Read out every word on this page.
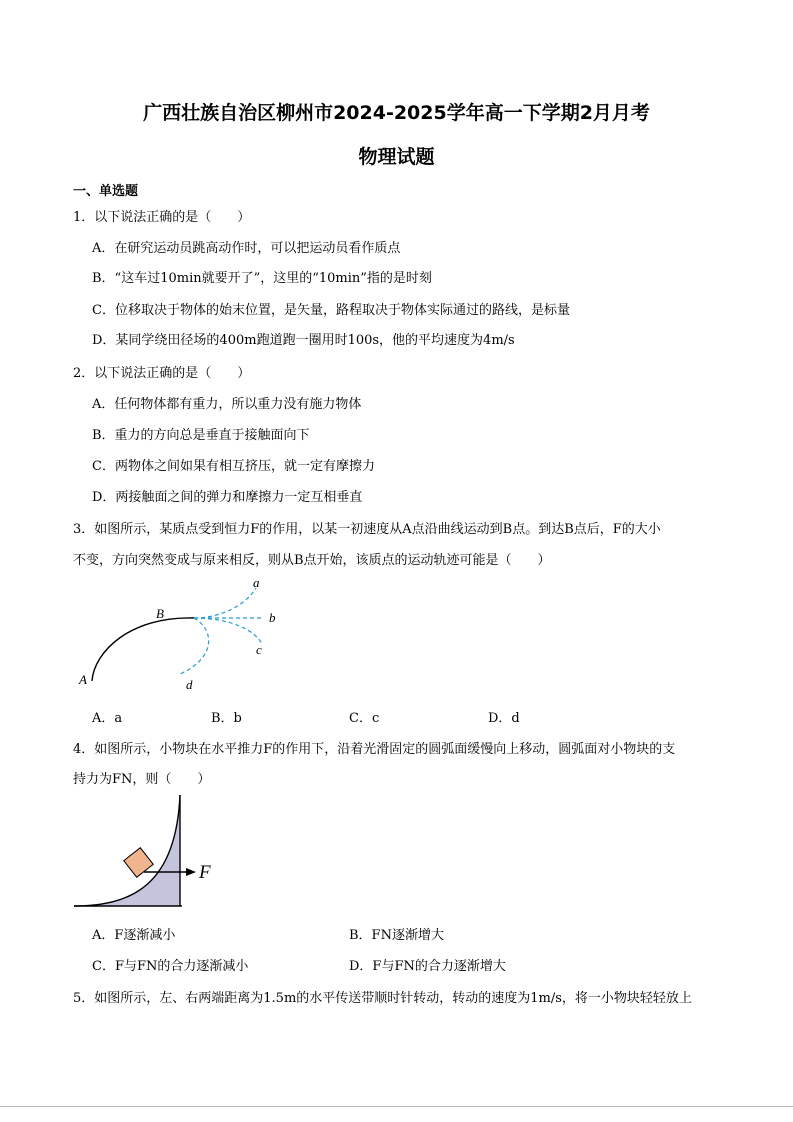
广西壮族自治区柳州市2024-2025学年高一下学期2月月考
物理试题
一、单选题
1．以下说法正确的是（　　）
A．在研究运动员跳高动作时，可以把运动员看作质点
B．“这车过10min就要开了”，这里的“10min”指的是时刻
C．位移取决于物体的始末位置，是矢量，路程取决于物体实际通过的路线，是标量
D．某同学绕田径场的400m跑道跑一圈用时100s，他的平均速度为4m/s
2．以下说法正确的是（　　）
A．任何物体都有重力，所以重力没有施力物体
B．重力的方向总是垂直于接触面向下
C．两物体之间如果有相互挤压，就一定有摩擦力
D．两接触面之间的弹力和摩擦力一定互相垂直
3．如图所示，某质点受到恒力F的作用，以某一初速度从A点沿曲线运动到B点。到达B点后，F的大小
不变，方向突然变成与原来相反，则从B点开始，该质点的运动轨迹可能是（　　）
A
B
a
b
c
d
A．a	B．b	C．c	D．d
4．如图所示，小物块在水平推力F的作用下，沿着光滑固定的圆弧面缓慢向上移动，圆弧面对小物块的支
持力为FN，则（　　）
F
A．F逐渐减小	B．FN逐渐增大
C．F与FN的合力逐渐减小	D．F与FN的合力逐渐增大
5．如图所示，左、右两端距离为1.5m的水平传送带顺时针转动，转动的速度为1m/s，将一小物块轻轻放上
